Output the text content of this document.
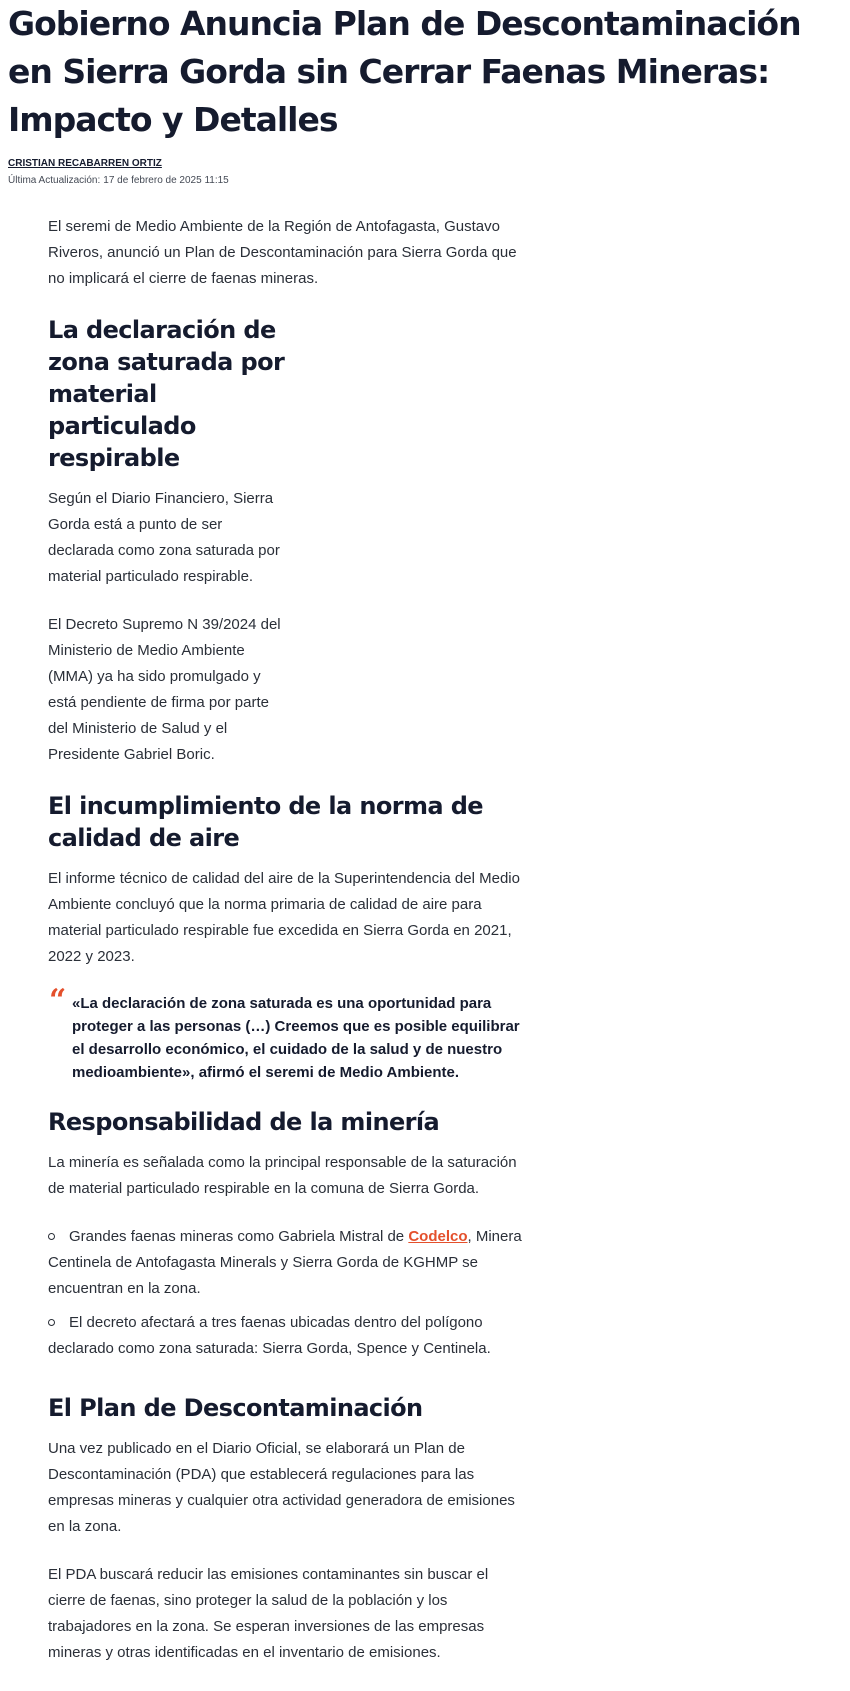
Gobierno Anuncia Plan de Descontaminación en Sierra Gorda sin Cerrar Faenas Mineras: Impacto y Detalles
CRISTIAN RECABARREN ORTIZ
Última Actualización: 17 de febrero de 2025 11:15

El seremi de Medio Ambiente de la Región de Antofagasta, Gustavo Riveros, anunció un Plan de Descontaminación para Sierra Gorda que no implicará el cierre de faenas mineras.

La declaración de zona saturada por material particulado respirable

Según el Diario Financiero, Sierra Gorda está a punto de ser declarada como zona saturada por material particulado respirable.

El Decreto Supremo N 39/2024 del Ministerio de Medio Ambiente (MMA) ya ha sido promulgado y está pendiente de firma por parte del Ministerio de Salud y el Presidente Gabriel Boric.

El incumplimiento de la norma de calidad de aire

El informe técnico de calidad del aire de la Superintendencia del Medio Ambiente concluyó que la norma primaria de calidad de aire para material particulado respirable fue excedida en Sierra Gorda en 2021, 2022 y 2023.

“ «La declaración de zona saturada es una oportunidad para proteger a las personas (…) Creemos que es posible equilibrar el desarrollo económico, el cuidado de la salud y de nuestro medioambiente», afirmó el seremi de Medio Ambiente.
Responsabilidad de la minería

La minería es señalada como la principal responsable de la saturación de material particulado respirable en la comuna de Sierra Gorda.

Grandes faenas mineras como Gabriela Mistral de Codelco, Minera Centinela de Antofagasta Minerals y Sierra Gorda de KGHMP se encuentran en la zona.
El decreto afectará a tres faenas ubicadas dentro del polígono declarado como zona saturada: Sierra Gorda, Spence y Centinela.
El Plan de Descontaminación

Una vez publicado en el Diario Oficial, se elaborará un Plan de Descontaminación (PDA) que establecerá regulaciones para las empresas mineras y cualquier otra actividad generadora de emisiones en la zona.

El PDA buscará reducir las emisiones contaminantes sin buscar el cierre de faenas, sino proteger la salud de la población y los trabajadores en la zona. Se esperan inversiones de las empresas mineras y otras identificadas en el inventario de emisiones.
